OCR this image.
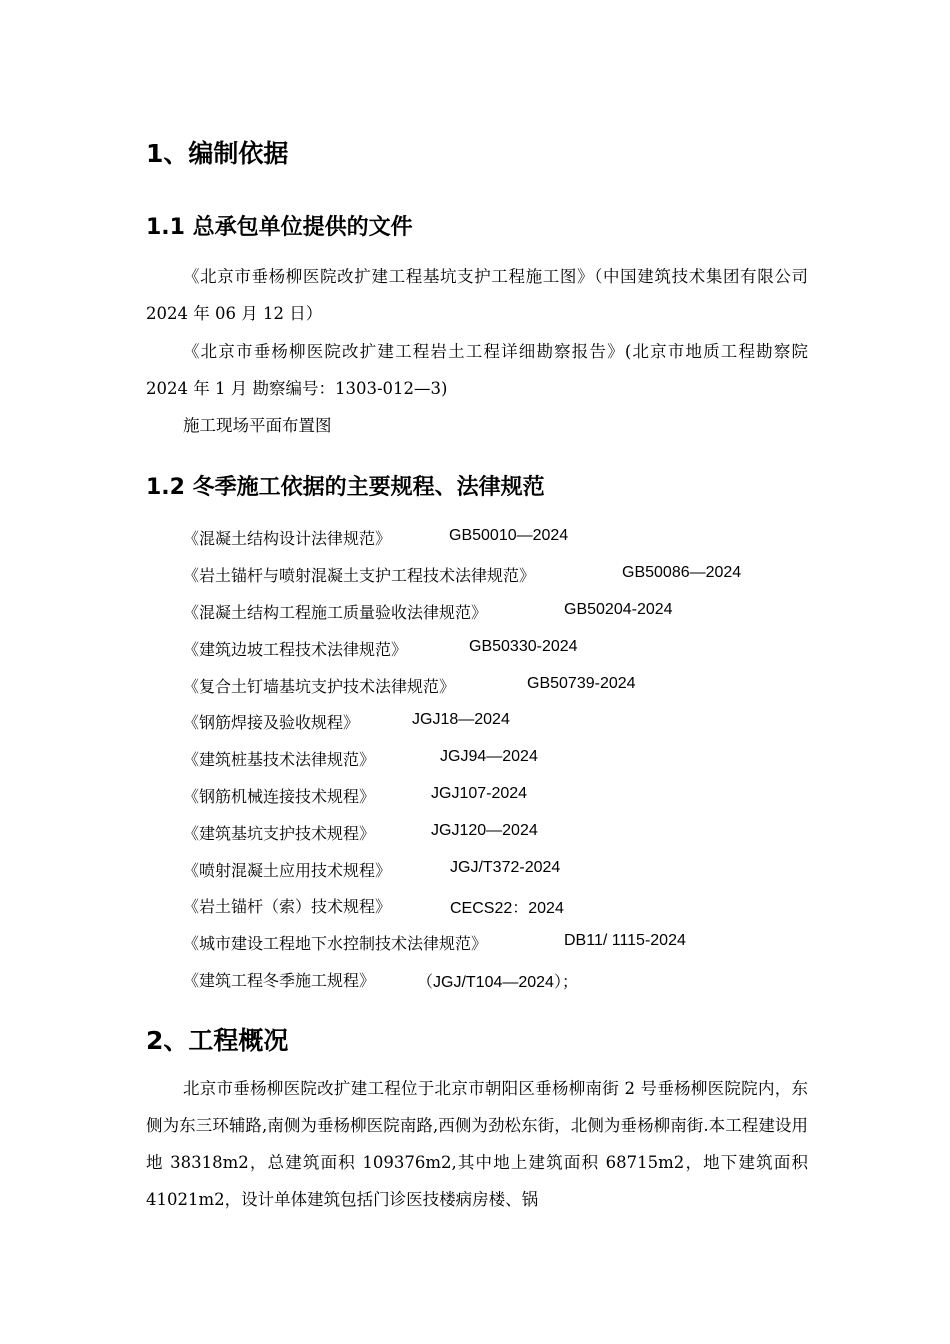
1、编制依据
1.1 总承包单位提供的文件
《北京市垂杨柳医院改扩建工程基坑支护工程施工图》（中国建筑技术集团有限公司 2024 年 06 月 12 日）
《北京市垂杨柳医院改扩建工程岩土工程详细勘察报告》(北京市地质工程勘察院 2024 年 1 月 勘察编号：1303-012—3)
施工现场平面布置图
1.2 冬季施工依据的主要规程、法律规范
《混凝土结构设计法律规范》	GB50010—2024
《岩土锚杆与喷射混凝土支护工程技术法律规范》	GB50086—2024
《混凝土结构工程施工质量验收法律规范》	GB50204-2024
《建筑边坡工程技术法律规范》	GB50330-2024
《复合土钉墙基坑支护技术法律规范》	GB50739-2024
《钢筋焊接及验收规程》	JGJ18—2024
《建筑桩基技术法律规范》	JGJ94—2024
《钢筋机械连接技术规程》	JGJ107-2024
《建筑基坑支护技术规程》	JGJ120—2024
《喷射混凝土应用技术规程》	JGJ/T372-2024
《岩土锚杆（索）技术规程》	CECS22：2024
《城市建设工程地下水控制技术法律规范》	DB11/ 1115-2024
《建筑工程冬季施工规程》	（JGJ/T104—2024）；
2、工程概况
北京市垂杨柳医院改扩建工程位于北京市朝阳区垂杨柳南街 2 号垂杨柳医院院内，东侧为东三环辅路,南侧为垂杨柳医院南路,西侧为劲松东街，北侧为垂杨柳南街.本工程建设用地 38318m2，总建筑面积 109376m2,其中地上建筑面积 68715m2，地下建筑面积 41021m2，设计单体建筑包括门诊医技楼病房楼、锅
